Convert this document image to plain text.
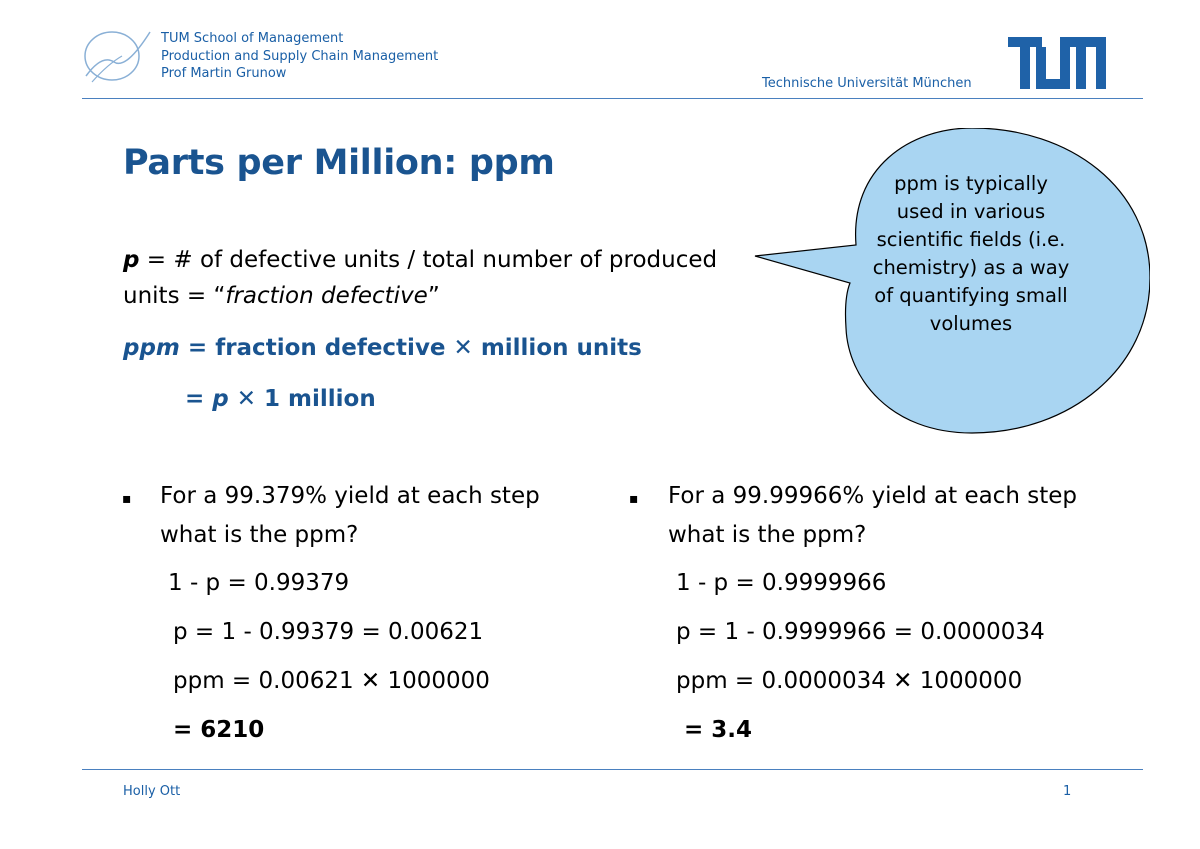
TUM School of Management
Production and Supply Chain Management
Prof Martin Grunow
Technische Universität München
Parts per Million: ppm
p = # of defective units / total number of produced
units = “fraction defective”
ppm = fraction defective ✕ million units
= p ✕ 1 million
ppm is typically
used in various
scientific fields (i.e.
chemistry) as a way
of quantifying small
volumes
▪ For a 99.379% yield at each step
what is the ppm?
1 - p = 0.99379
p = 1 - 0.99379 = 0.00621
ppm = 0.00621 ✕ 1000000
= 6210
▪ For a 99.99966% yield at each step
what is the ppm?
1 - p = 0.9999966
p = 1 - 0.9999966 = 0.0000034
ppm = 0.0000034 ✕ 1000000
= 3.4
Holly Ott	1
